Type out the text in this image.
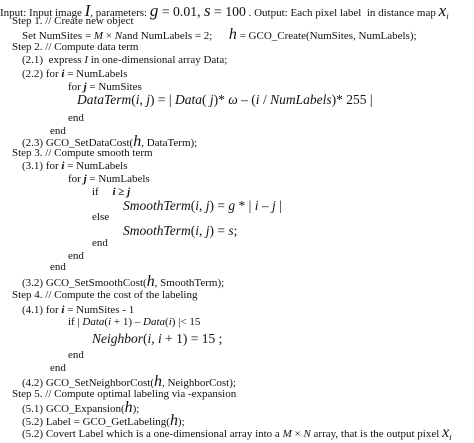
Input: Input image I, parameters: g = 0.01, s = 100 . Output: Each pixel label  in distance map $x_i$
Step 1. // Create new object
Set NumSites = M × Nand NumLabels = 2;      h = GCO_Create(NumSites, NumLabels);
Step 2. // Compute data term
(2.1)  express I in one-dimensional array Data;
(2.2) for i = NumLabels
for j = NumSites
DataTerm(i, j) = | Data( j)* ω – (i / NumLabels)* 255 |
end
end
(2.3) GCO_SetDataCost(h, DataTerm);
Step 3. // Compute smooth term
(3.1) for i = NumLabels
for j = NumLabels
if     i ≥ j
SmoothTerm(i, j) = g * | i – j |
else
SmoothTerm(i, j) = s;
end
end
end
(3.2) GCO_SetSmoothCost(h, SmoothTerm);
Step 4. // Compute the cost of the labeling
(4.1) for i = NumSites - 1
if | Data(i + 1) – Data(i) |< 15
Neighbor(i, i + 1) = 15 ;
end
end
(4.2) GCO_SetNeighborCost(h, NeighborCost);
Step 5. // Compute optimal labeling via -expansion
(5.1) GCO_Expansion(h);
(5.2) Label = GCO_GetLabeling(h);
(5.2) Covert Label which is a one-dimensional array into a M × N array, that is the output pixel $x_i$
